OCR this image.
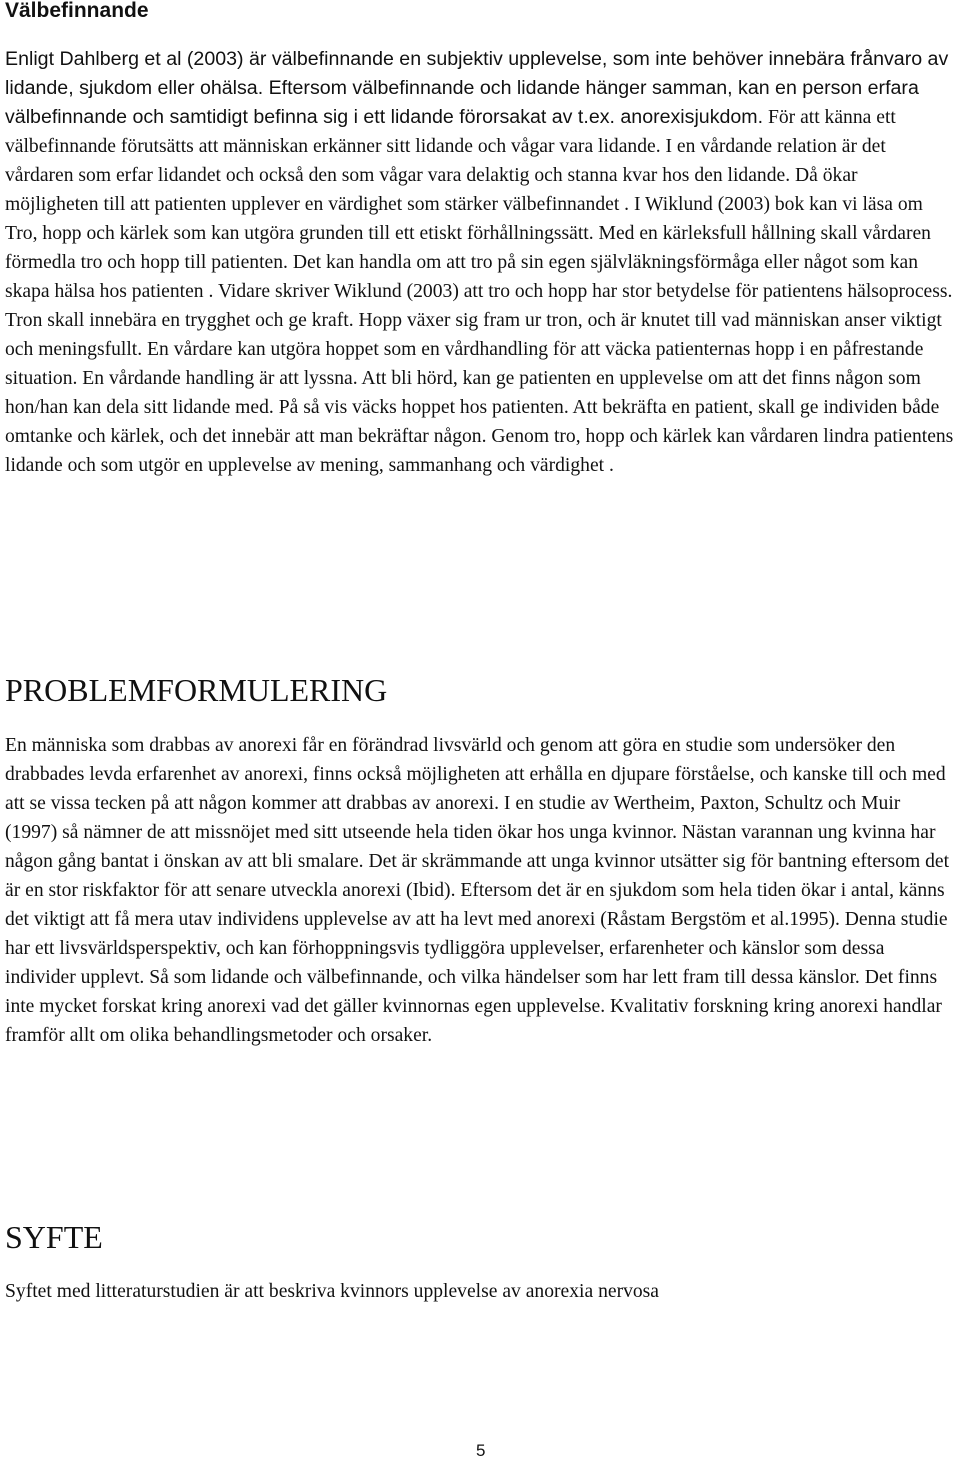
Välbefinnande

Enligt Dahlberg et al (2003) är välbefinnande en subjektiv upplevelse, som inte behöver innebära frånvaro av lidande, sjukdom eller ohälsa. Eftersom välbefinnande och lidande hänger samman, kan en person erfara välbefinnande och samtidigt befinna sig i ett lidande förorsakat av t.ex. anorexisjukdom. För att känna ett välbefinnande förutsätts att människan erkänner sitt lidande och vågar vara lidande. I en vårdande relation är det vårdaren som erfar lidandet och också den som vågar vara delaktig och stanna kvar hos den lidande. Då ökar möjligheten till att patienten upplever en värdighet som stärker välbefinnandet . I Wiklund (2003) bok kan vi läsa om Tro, hopp och kärlek som kan utgöra grunden till ett etiskt förhållningssätt. Med en kärleksfull hållning skall vårdaren förmedla tro och hopp till patienten. Det kan handla om att tro på sin egen självläkningsförmåga eller något som kan skapa hälsa hos patienten . Vidare skriver Wiklund (2003) att tro och hopp har stor betydelse för patientens hälsoprocess. Tron skall innebära en trygghet och ge kraft. Hopp växer sig fram ur tron, och är knutet till vad människan anser viktigt och meningsfullt. En vårdare kan utgöra hoppet som en vårdhandling för att väcka patienternas hopp i en påfrestande situation. En vårdande handling är att lyssna. Att bli hörd, kan ge patienten en upplevelse om att det finns någon som hon/han kan dela sitt lidande med. På så vis väcks hoppet hos patienten. Att bekräfta en patient, skall ge individen både omtanke och kärlek, och det innebär att man bekräftar någon. Genom tro, hopp och kärlek kan vårdaren lindra patientens lidande och som utgör en upplevelse av mening, sammanhang och värdighet .

PROBLEMFORMULERING

En människa som drabbas av anorexi får en förändrad livsvärld och genom att göra en studie som undersöker den drabbades levda erfarenhet av anorexi, finns också möjligheten att erhålla en djupare förståelse, och kanske till och med att se vissa tecken på att någon kommer att drabbas av anorexi. I en studie av Wertheim, Paxton, Schultz och Muir (1997) så nämner de att missnöjet med sitt utseende hela tiden ökar hos unga kvinnor. Nästan varannan ung kvinna har någon gång bantat i önskan av att bli smalare. Det är skrämmande att unga kvinnor utsätter sig för bantning eftersom det är en stor riskfaktor för att senare utveckla anorexi (Ibid). Eftersom det är en sjukdom som hela tiden ökar i antal, känns det viktigt att få mera utav individens upplevelse av att ha levt med anorexi (Råstam Bergstöm et al.1995). Denna studie har ett livsvärldsperspektiv, och kan förhoppningsvis tydliggöra upplevelser, erfarenheter och känslor som dessa individer upplevt. Så som lidande och välbefinnande, och vilka händelser som har lett fram till dessa känslor. Det finns inte mycket forskat kring anorexi vad det gäller kvinnornas egen upplevelse. Kvalitativ forskning kring anorexi handlar framför allt om olika behandlingsmetoder och orsaker.

SYFTE

Syftet med litteraturstudien är att beskriva kvinnors upplevelse av anorexia nervosa

5
